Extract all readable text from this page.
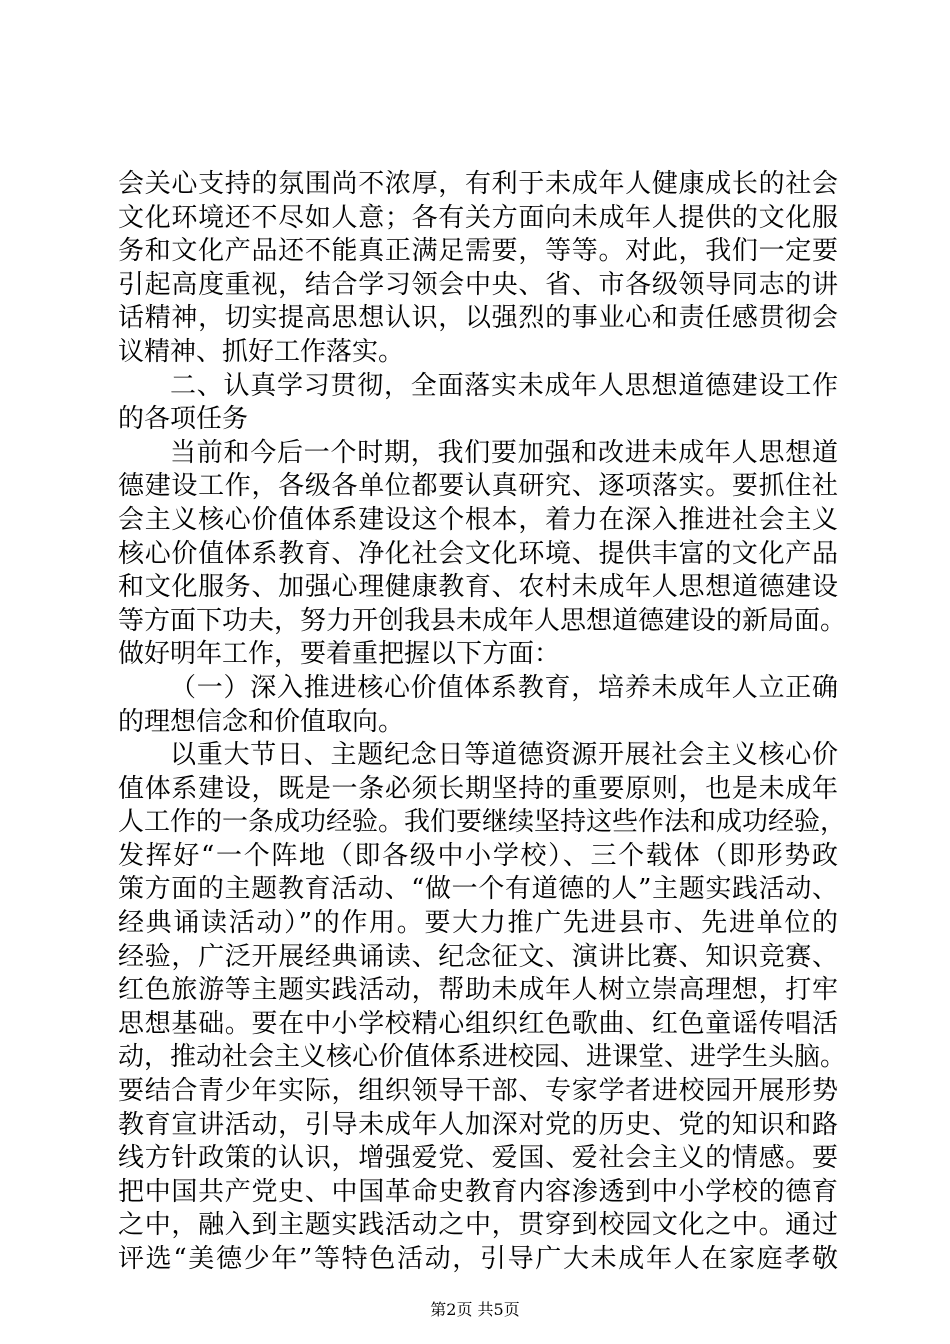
会关心支持的氛围尚不浓厚，有利于未成年人健康成长的社会
文化环境还不尽如人意；各有关方面向未成年人提供的文化服
务和文化产品还不能真正满足需要，等等。对此，我们一定要
引起高度重视，结合学习领会中央、省、市各级领导同志的讲
话精神，切实提高思想认识，以强烈的事业心和责任感贯彻会
议精神、抓好工作落实。
二、认真学习贯彻，全面落实未成年人思想道德建设工作
的各项任务
当前和今后一个时期，我们要加强和改进未成年人思想道
德建设工作，各级各单位都要认真研究、逐项落实。要抓住社
会主义核心价值体系建设这个根本，着力在深入推进社会主义
核心价值体系教育、净化社会文化环境、提供丰富的文化产品
和文化服务、加强心理健康教育、农村未成年人思想道德建设
等方面下功夫，努力开创我县未成年人思想道德建设的新局面。
做好明年工作，要着重把握以下方面：
（一）深入推进核心价值体系教育，培养未成年人立正确
的理想信念和价值取向。
以重大节日、主题纪念日等道德资源开展社会主义核心价
值体系建设，既是一条必须长期坚持的重要原则，也是未成年
人工作的一条成功经验。我们要继续坚持这些作法和成功经验，
发挥好“一个阵地（即各级中小学校）、三个载体（即形势政
策方面的主题教育活动、“做一个有道德的人”主题实践活动、
经典诵读活动）”的作用。要大力推广先进县市、先进单位的
经验，广泛开展经典诵读、纪念征文、演讲比赛、知识竞赛、
红色旅游等主题实践活动，帮助未成年人树立崇高理想，打牢
思想基础。要在中小学校精心组织红色歌曲、红色童谣传唱活
动，推动社会主义核心价值体系进校园、进课堂、进学生头脑。
要结合青少年实际，组织领导干部、专家学者进校园开展形势
教育宣讲活动，引导未成年人加深对党的历史、党的知识和路
线方针政策的认识，增强爱党、爱国、爱社会主义的情感。要
把中国共产党史、中国革命史教育内容渗透到中小学校的德育
之中，融入到主题实践活动之中，贯穿到校园文化之中。通过
评选“美德少年”等特色活动，引导广大未成年人在家庭孝敬
第2页 共5页
